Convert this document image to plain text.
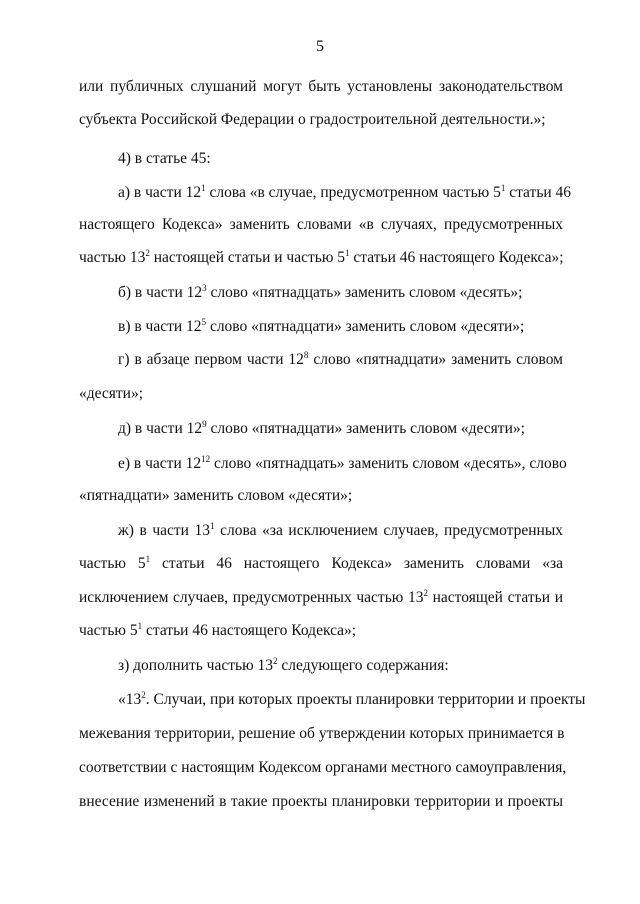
5
или публичных слушаний могут быть установлены законодательством
субъекта Российской Федерации о градостроительной деятельности.»;
4) в статье 45:
а) в части $12^1$ слова «в случае, предусмотренном частью $5^1$ статьи 46
настоящего Кодекса» заменить словами «в случаях, предусмотренных
частью $13^2$ настоящей статьи и частью $5^1$ статьи 46 настоящего Кодекса»;
б) в части $12^3$ слово «пятнадцать» заменить словом «десять»;
в) в части $12^5$ слово «пятнадцати» заменить словом «десяти»;
г) в абзаце первом части $12^8$ слово «пятнадцати» заменить словом
«десяти»;
д) в части $12^9$ слово «пятнадцати» заменить словом «десяти»;
е) в части $12^{12}$ слово «пятнадцать» заменить словом «десять», слово
«пятнадцати» заменить словом «десяти»;
ж) в части $13^1$ слова «за исключением случаев, предусмотренных
частью $5^1$ статьи 46 настоящего Кодекса» заменить словами «за
исключением случаев, предусмотренных частью $13^2$ настоящей статьи и
частью $5^1$ статьи 46 настоящего Кодекса»;
з) дополнить частью $13^2$ следующего содержания:
«$13^2$. Случаи, при которых проекты планировки территории и проекты
межевания территории, решение об утверждении которых принимается в
соответствии с настоящим Кодексом органами местного самоуправления,
внесение изменений в такие проекты планировки территории и проекты
